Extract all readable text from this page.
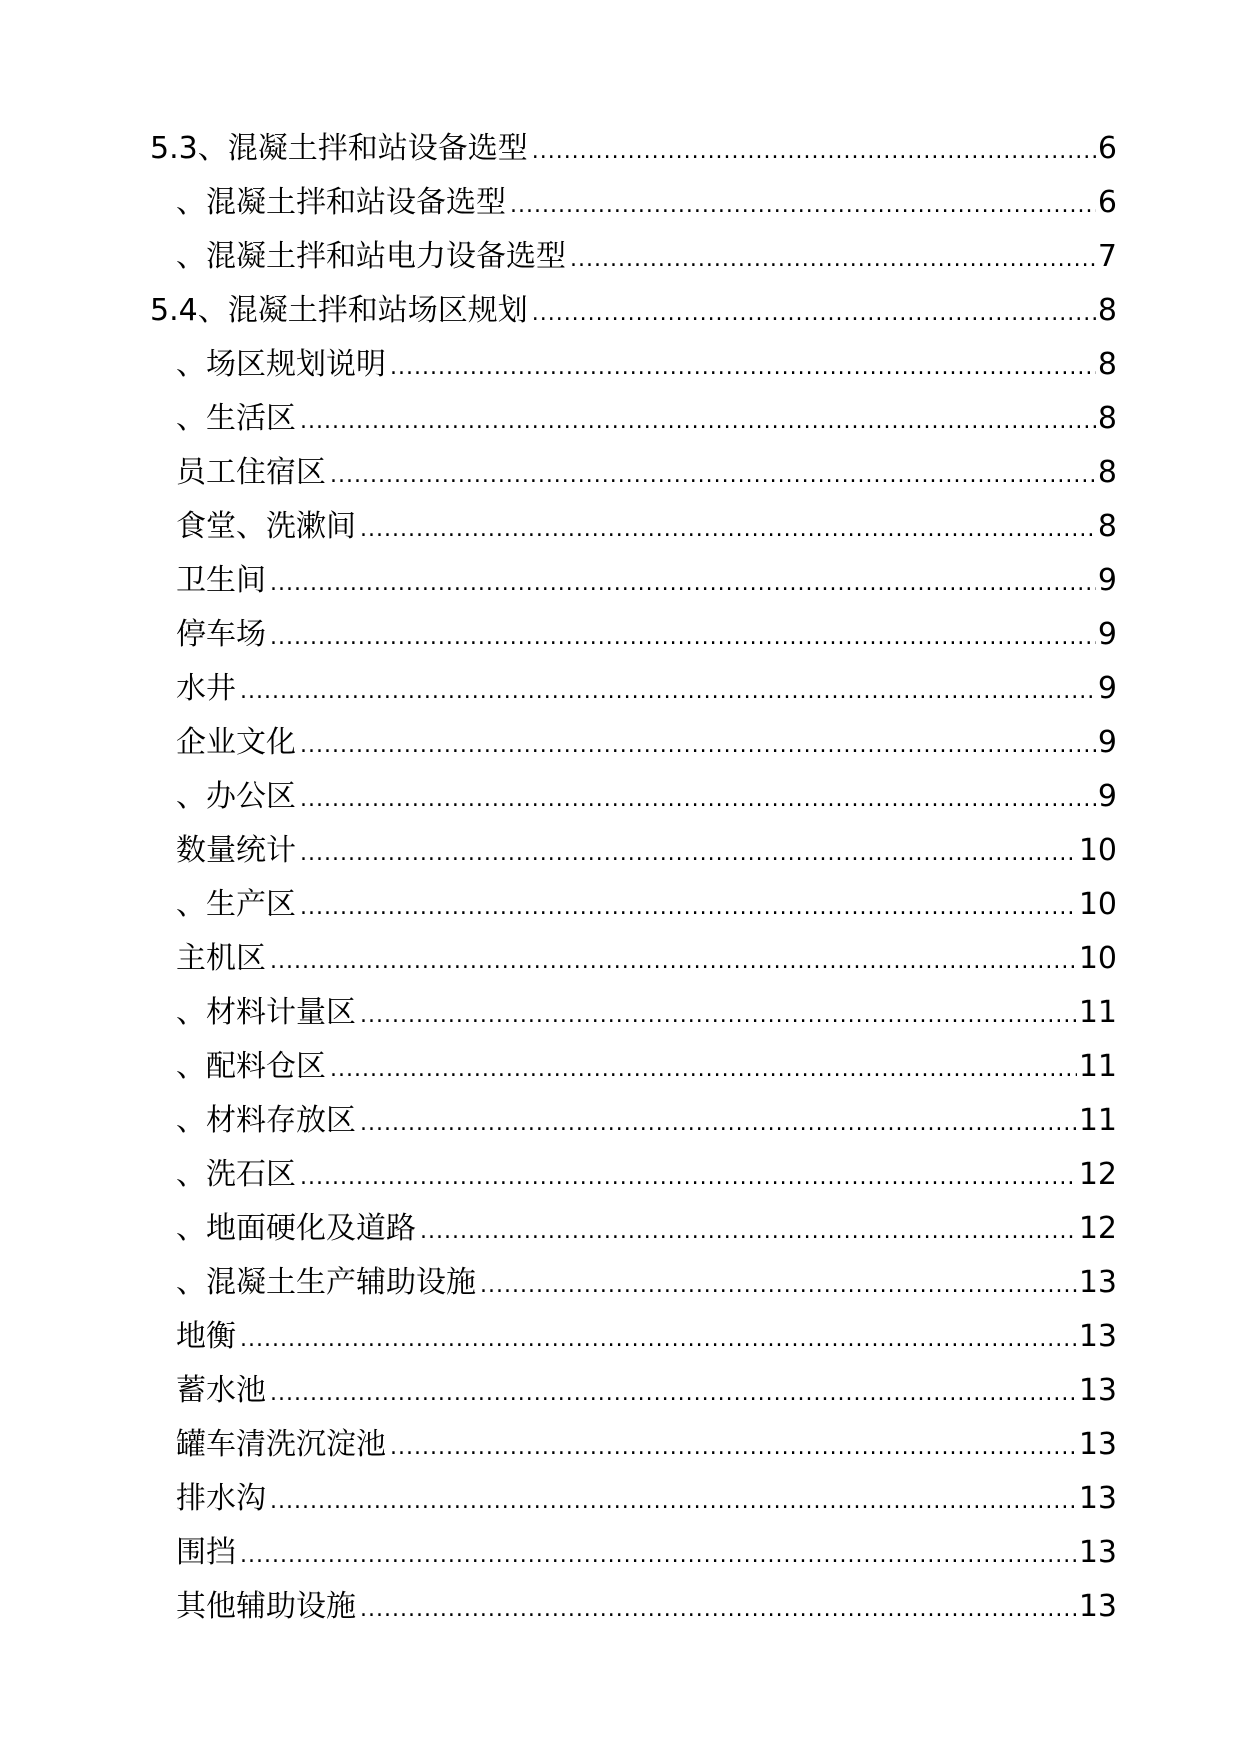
5.3、混凝土拌和站设备选型 .....	6
、混凝土拌和站设备选型 .....	6
、混凝土拌和站电力设备选型 .....	7
5.4、混凝土拌和站场区规划 .....	8
、场区规划说明 .....	8
、生活区 .....	8
员工住宿区 .....	8
食堂、洗漱间 .....	8
卫生间 .....	9
停车场 .....	9
水井 .....	9
企业文化 .....	9
、办公区 .....	9
数量统计 .....	10
、生产区 .....	10
主机区 .....	10
、材料计量区 .....	11
、配料仓区 .....	11
、材料存放区 .....	11
、洗石区 .....	12
、地面硬化及道路 .....	12
、混凝土生产辅助设施 .....	13
地衡 .....	13
蓄水池 .....	13
罐车清洗沉淀池 .....	13
排水沟 .....	13
围挡 .....	13
其他辅助设施 .....	13
